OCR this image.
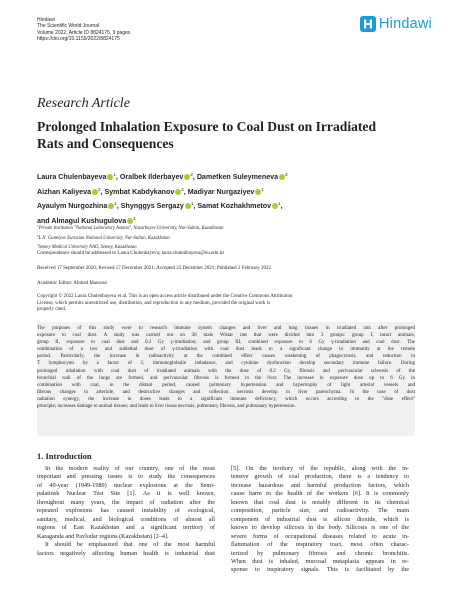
Hindawi
The Scientific World Journal
Volume 2022, Article ID 8824175, 9 pages
https://doi.org/10.1155/2022/8824175
Hindawi
Research Article
Prolonged Inhalation Exposure to Coal Dust on Irradiated
Rats and Consequences
Laura Chulenbayeva $^1$, Oralbek Ilderbayev $^2$, Dametken Suleymeneva $^3$
Aizhan Kaliyeva $^2$, Symbat Kabdykanov $^2$, Madiyar Nurgaziyev $^1$
Ayaulym Nurgozhina $^1$, Shynggys Sergazy $^1$, Samat Kozhakhmetov $^1$,
and Almagul Kushugulova $^1$
$^1$Private Institution "National Laboratory Astana", Nazarbayev University, Nur-Sultan, Kazakhstan
$^2$L.N. Gumilyov Eurasian National University, Nur-Sultan, Kazakhstan
$^3$Semey Medical University NAO, Semey, Kazakhstan
Correspondence should be addressed to Laura Chulenbayeva; laura.chulenbayeva@nu.edu.kz
Received 17 September 2020; Revised 17 December 2021; Accepted 23 December 2021; Published 2 February 2022
Academic Editor: Ahmad Mansour
Copyright © 2022 Laura Chulenbayeva et al. This is an open access article distributed under the Creative Commons Attribution
License, which permits unrestricted use, distribution, and reproduction in any medium, provided the original work is
properly cited.
The purposes of this study were to research immune system changes and liver and lung tissues in irradiated rats after prolonged
exposure to coal dust. A study was carried out on 30 male Wistar rats that were divided into 3 groups: group I, intact animals;
group II, exposure to coal dust and 0.2 Gy γ-irradiation; and group III, combined exposure to 6 Gy γ-irradiation and coal dust. The
combination of a low and sublethal dose of γ-irradiation with coal dust leads to a significant change in immunity at the remote
period. Particularly, the increase in radioactivity at the combined effect causes weakening of phagocytosis, and reduction in
T lymphocytes by a factor of 2, immunoglobulin imbalance, and cytokine dysfunction develop secondary immune failure. During
prolonged inhalation with coal dust of irradiated animals with the dose of 0.2 Gy, fibrosis and perivascular sclerosis of the
bronchial wall of the lungs are formed, and perivascular fibrosis is formed in the liver. The increase in exposure dose up to 6 Gy in
combination with coal, in the distant period, caused pulmonary hypertension and hypertrophy of light arterial vessels and
fibrous changes in arteriole, and destructive changes and collection necrosis develop in liver parenchyma. In the case of dust
radiation synergy, the increase in doses leads to a significant immune deficiency, which occurs according to the "dose effect"
principle; increases damage to animal tissues; and leads to liver tissue necrosis, pulmonary fibrosis, and pulmonary hypertension.
1. Introduction
In the modern reality of our country, one of the most
important and pressing issues is to study the consequences
of 40-year (1949-1989) nuclear explosions at the Semi-
palatinsk Nuclear Test Site [1]. As it is well known,
throughout many years, the impact of radiation after the
repeated explosions has caused instability of ecological,
sanitary, medical, and biological conditions of almost all
regions of East Kazakhstan and a significant territory of
Karaganda and Pavlodar regions (Kazakhstan) [2–4].
It should be emphasized that one of the most harmful
factors negatively affecting human health is industrial dust
[5]. On the territory of the republic, along with the in-
tensive growth of coal production, there is a tendency to
increase hazardous and harmful production factors, which
cause harm to the health of the workers [6]. It is commonly
known that coal dust is notably different in its chemical
composition, particle size, and radioactivity. The main
component of industrial dust is silicon dioxide, which is
known to develop silicosis in the body. Silicosis is one of the
severe forms of occupational diseases related to acute in-
flammation of the respiratory tract, most often charac-
terized by pulmonary fibrosis and chronic bronchitis.
When dust is inhaled, mucosal metaplasia appears in re-
sponse to inspiratory signals. This is facilitated by the
